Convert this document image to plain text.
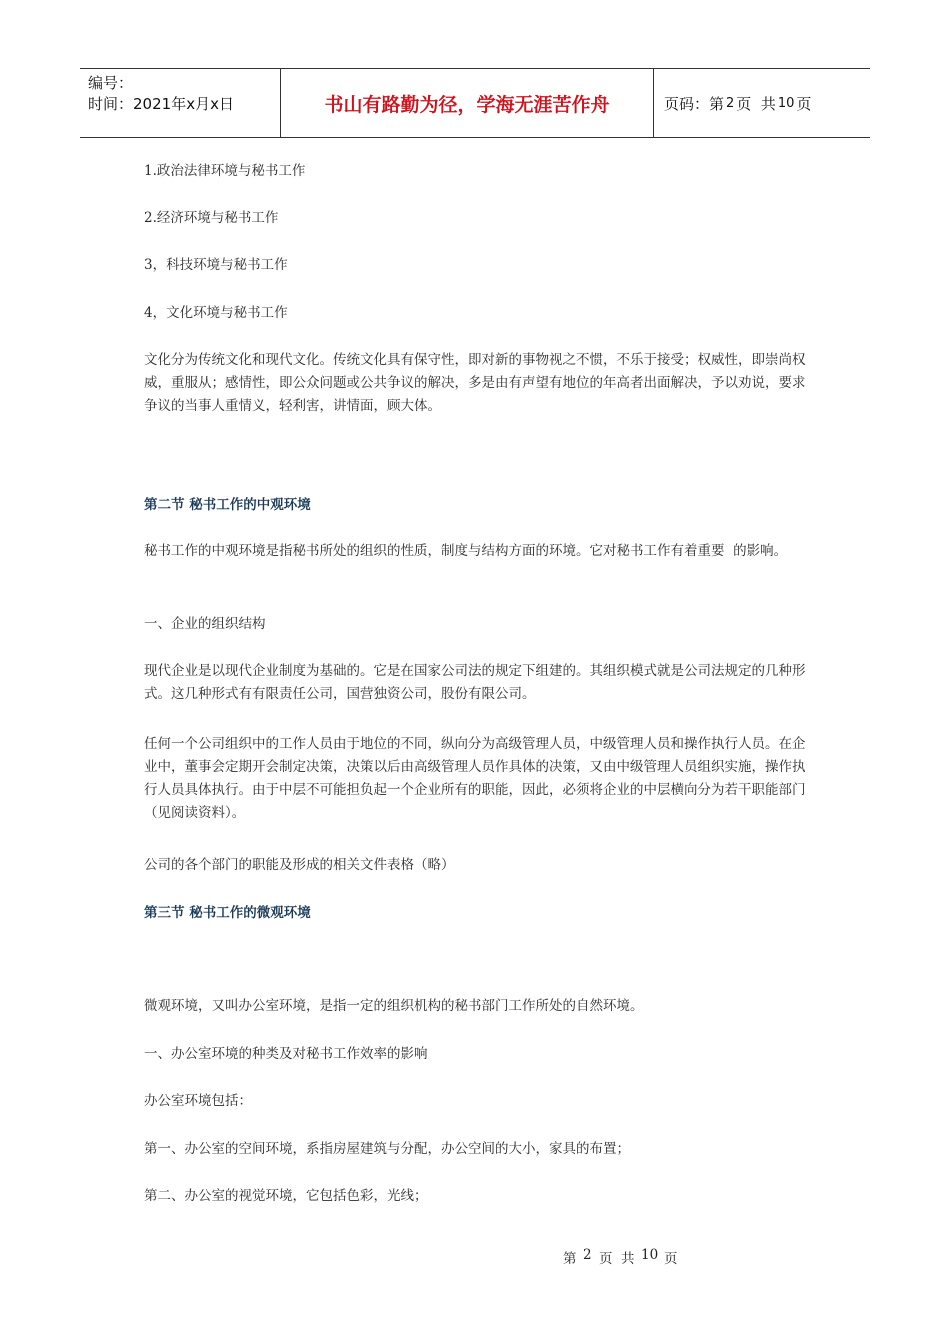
编号：
时间：2021年x月x日	书山有路勤为径，学海无涯苦作舟	页码：第 2 页  共 10 页
1.政治法律环境与秘书工作
2.经济环境与秘书工作
3，科技环境与秘书工作
4，文化环境与秘书工作
文化分为传统文化和现代文化。传统文化具有保守性，即对新的事物视之不惯，不乐于接受；权威性，即崇尚权威，重服从；感情性，即公众问题或公共争议的解决，多是由有声望有地位的年高者出面解决，予以劝说，要求争议的当事人重情义，轻利害，讲情面，顾大体。
第二节 秘书工作的中观环境
秘书工作的中观环境是指秘书所处的组织的性质，制度与结构方面的环境。它对秘书工作有着重要  的影响。
一、企业的组织结构
现代企业是以现代企业制度为基础的。它是在国家公司法的规定下组建的。其组织模式就是公司法规定的几种形式。这几种形式有有限责任公司，国营独资公司，股份有限公司。
任何一个公司组织中的工作人员由于地位的不同，纵向分为高级管理人员，中级管理人员和操作执行人员。在企业中，董事会定期开会制定决策，决策以后由高级管理人员作具体的决策，又由中级管理人员组织实施，操作执行人员具体执行。由于中层不可能担负起一个企业所有的职能，因此，必须将企业的中层横向分为若干职能部门（见阅读资料）。
公司的各个部门的职能及形成的相关文件表格（略）
第三节 秘书工作的微观环境
微观环境，又叫办公室环境，是指一定的组织机构的秘书部门工作所处的自然环境。
一、办公室环境的种类及对秘书工作效率的影响
办公室环境包括：
第一、办公室的空间环境，系指房屋建筑与分配，办公空间的大小，家具的布置；
第二、办公室的视觉环境，它包括色彩，光线；
第 2 页 共 10 页
